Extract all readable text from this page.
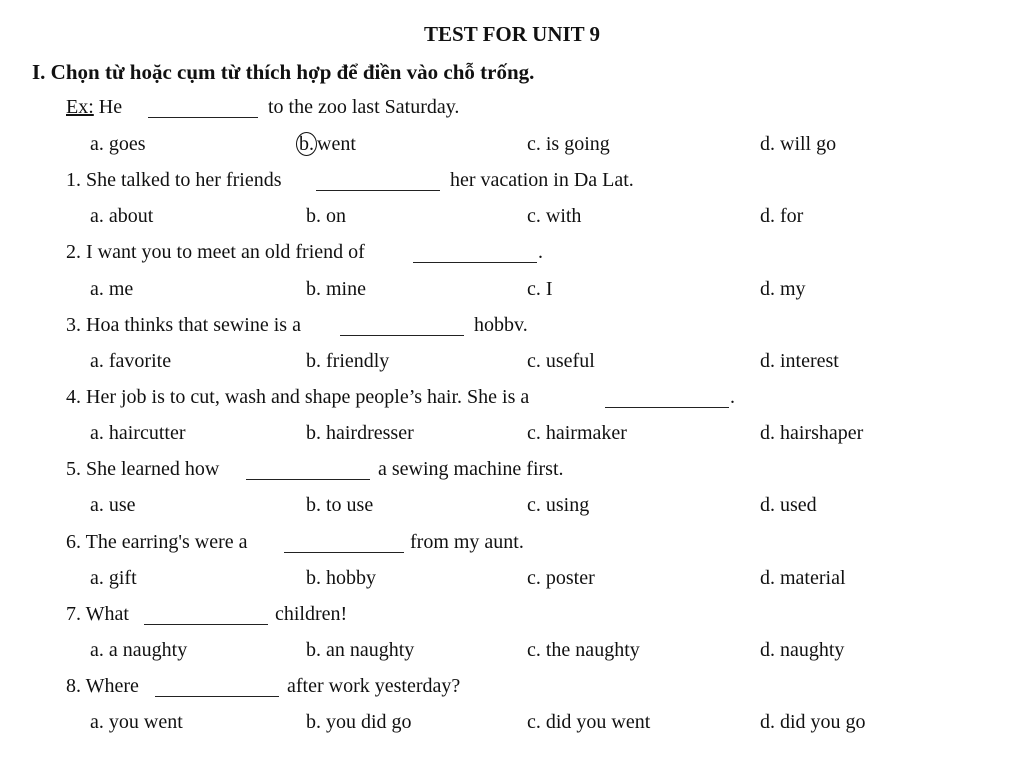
TEST FOR UNIT 9
I. Chọn từ hoặc cụm từ thích hợp để điền vào chỗ trống.
Ex: He	to the zoo last Saturday.
a. goes	b. went	c. is going	d. will go
1. She talked to her friends	her vacation in Da Lat.
a. about	b. on	c. with	d. for
2. I want you to meet an old friend of	.
a. me	b. mine	c. I	d. my
3. Hoa thinks that sewine is a	hobbv.
a. favorite	b. friendly	c. useful	d. interest
4. Her job is to cut, wash and shape people’s hair. She is a	.
a. haircutter	b. hairdresser	c. hairmaker	d. hairshaper
5. She learned how	a sewing machine first.
a. use	b. to use	c. using	d. used
6. The earring's were a	from my aunt.
a. gift	b. hobby	c. poster	d. material
7. What	children!
a. a naughty	b. an naughty	c. the naughty	d. naughty
8. Where	after work yesterday?
a. you went	b. you did go	c. did you went	d. did you go
